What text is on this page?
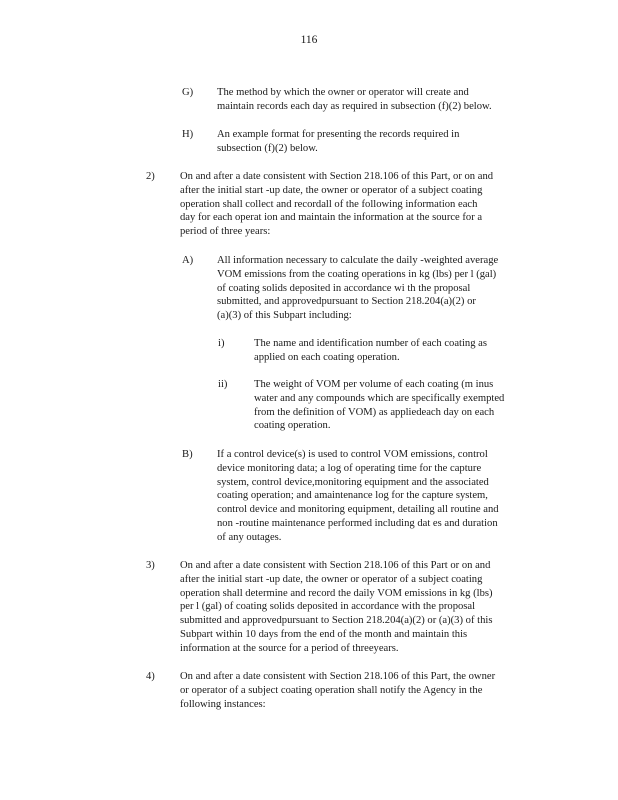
116
G) The method by which the owner or operator will create and

maintain records each day as required in subsection (f)(2) below.

H) An example format for presenting the records required in

subsection (f)(2) below.

2) On and after a date consistent with Section 218.106 of this Part, or on and

after the initial start -up date, the owner or operator of a subject coating

operation shall collect and recordall of the following information each

day for each operat ion and maintain the information at the source for a

period of three years:

A) All information necessary to calculate the daily -weighted average

VOM emissions from the coating operations in kg (lbs) per l (gal)

of coating solids deposited in accordance wi th the proposal

submitted, and approvedpursuant to Section 218.204(a)(2) or

(a)(3) of this Subpart including:

i)	The name and identification number of each coating as

applied on each coating operation.

ii)	The weight of VOM per volume of each coating (m inus

water and any compounds which are specifically exempted

from the definition of VOM) as appliedeach day on each

coating operation.

B) If a control device(s) is used to control VOM emissions, control

device monitoring data; a log of operating time for the capture

system, control device,monitoring equipment and the associated

coating operation; and amaintenance log for the capture system,

control device and monitoring equipment, detailing all routine and

non -routine maintenance performed including dat es and duration

of any outages.

3) On and after a date consistent with Section 218.106 of this Part or on and

after the initial start -up date, the owner or operator of a subject coating

operation shall determine and record the daily VOM emissions in kg (lbs)

per l (gal) of coating solids deposited in accordance with the proposal

submitted and approvedpursuant to Section 218.204(a)(2) or (a)(3) of this

Subpart within 10 days from the end of the month and maintain this

information at the source for a period of threeyears.

4) On and after a date consistent with Section 218.106 of this Part, the owner

or operator of a subject coating operation shall notify the Agency in the

following instances:
